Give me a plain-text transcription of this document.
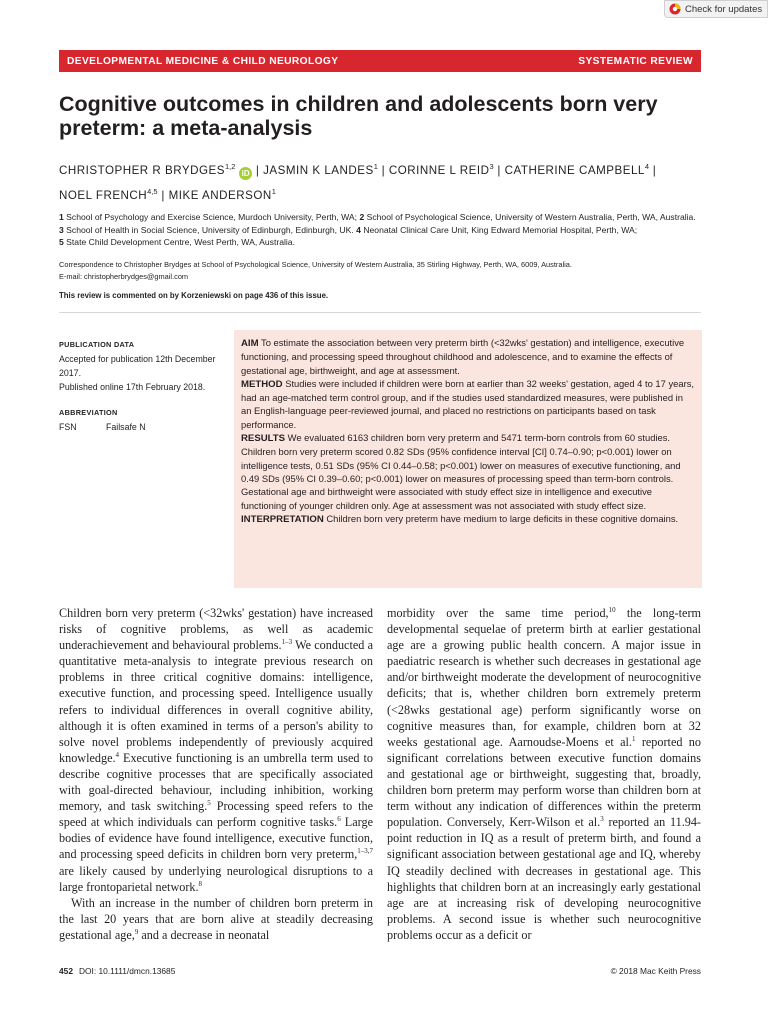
Check for updates
DEVELOPMENTAL MEDICINE & CHILD NEUROLOGY	SYSTEMATIC REVIEW
Cognitive outcomes in children and adolescents born very preterm: a meta-analysis
CHRISTOPHER R BRYDGES$^{1,2}$ iD | JASMIN K LANDES$^1$ | CORINNE L REID$^3$ | CATHERINE CAMPBELL$^4$ |
NOEL FRENCH$^{4,5}$ | MIKE ANDERSON$^1$
1 School of Psychology and Exercise Science, Murdoch University, Perth, WA; 2 School of Psychological Science, University of Western Australia, Perth, WA, Australia. 3 School of Health in Social Science, University of Edinburgh, Edinburgh, UK. 4 Neonatal Clinical Care Unit, King Edward Memorial Hospital, Perth, WA;
5 State Child Development Centre, West Perth, WA, Australia.
Correspondence to Christopher Brydges at School of Psychological Science, University of Western Australia, 35 Stirling Highway, Perth, WA, 6009, Australia.
E-mail: christopherbrydges@gmail.com
This review is commented on by Korzeniewski on page 436 of this issue.
PUBLICATION DATA
Accepted for publication 12th December 2017.
Published online 17th February 2018.
ABBREVIATION
FSN	Failsafe N

AIM To estimate the association between very preterm birth (<32wks' gestation) and intelligence, executive functioning, and processing speed throughout childhood and adolescence, and to examine the effects of gestational age, birthweight, and age at assessment.

METHOD Studies were included if children were born at earlier than 32 weeks' gestation, aged 4 to 17 years, had an age-matched term control group, and if the studies used standardized measures, were published in an English-language peer-reviewed journal, and placed no restrictions on participants based on task performance.

RESULTS We evaluated 6163 children born very preterm and 5471 term-born controls from 60 studies. Children born very preterm scored 0.82 SDs (95% confidence interval [CI] 0.74–0.90; p<0.001) lower on intelligence tests, 0.51 SDs (95% CI 0.44–0.58; p<0.001) lower on measures of executive functioning, and 0.49 SDs (95% CI 0.39–0.60; p<0.001) lower on measures of processing speed than term-born controls. Gestational age and birthweight were associated with study effect size in intelligence and executive functioning of younger children only. Age at assessment was not associated with study effect size.

INTERPRETATION Children born very preterm have medium to large deficits in these cognitive domains.

Children born very preterm (<32wks' gestation) have increased risks of cognitive problems, as well as academic underachievement and behavioural problems.$^{1-3}$ We conducted a quantitative meta-analysis to integrate previous research on problems in three critical cognitive domains: intelligence, executive function, and processing speed. Intelligence usually refers to individual differences in overall cognitive ability, although it is often examined in terms of a person's ability to solve novel problems independently of previously acquired knowledge.$^4$ Executive functioning is an umbrella term used to describe cognitive processes that are specifically associated with goal-directed behaviour, including inhibition, working memory, and task switching.$^5$ Processing speed refers to the speed at which individuals can perform cognitive tasks.$^6$ Large bodies of evidence have found intelligence, executive function, and processing speed deficits in children born very preterm,$^{1-3,7}$ are likely caused by underlying neurological disruptions to a large frontoparietal network.$^8$

With an increase in the number of children born preterm in the last 20 years that are born alive at steadily decreasing gestational age,$^9$ and a decrease in neonatal

morbidity over the same time period,$^{10}$ the long-term developmental sequelae of preterm birth at earlier gestational age are a growing public health concern. A major issue in paediatric research is whether such decreases in gestational age and/or birthweight moderate the development of neurocognitive deficits; that is, whether children born extremely preterm (<28wks gestational age) perform significantly worse on cognitive measures than, for example, children born at 32 weeks gestational age. Aarnoudse-Moens et al.$^1$ reported no significant correlations between executive function domains and gestational age or birthweight, suggesting that, broadly, children born preterm may perform worse than children born at term without any indication of differences within the preterm population. Conversely, Kerr-Wilson et al.$^3$ reported an 11.94-point reduction in IQ as a result of preterm birth, and found a significant association between gestational age and IQ, whereby IQ steadily declined with decreases in gestational age. This highlights that children born at an increasingly early gestational age are at increasing risk of developing neurocognitive problems. A second issue is whether such neurocognitive problems occur as a deficit or

452 DOI: 10.1111/dmcn.13685	© 2018 Mac Keith Press
